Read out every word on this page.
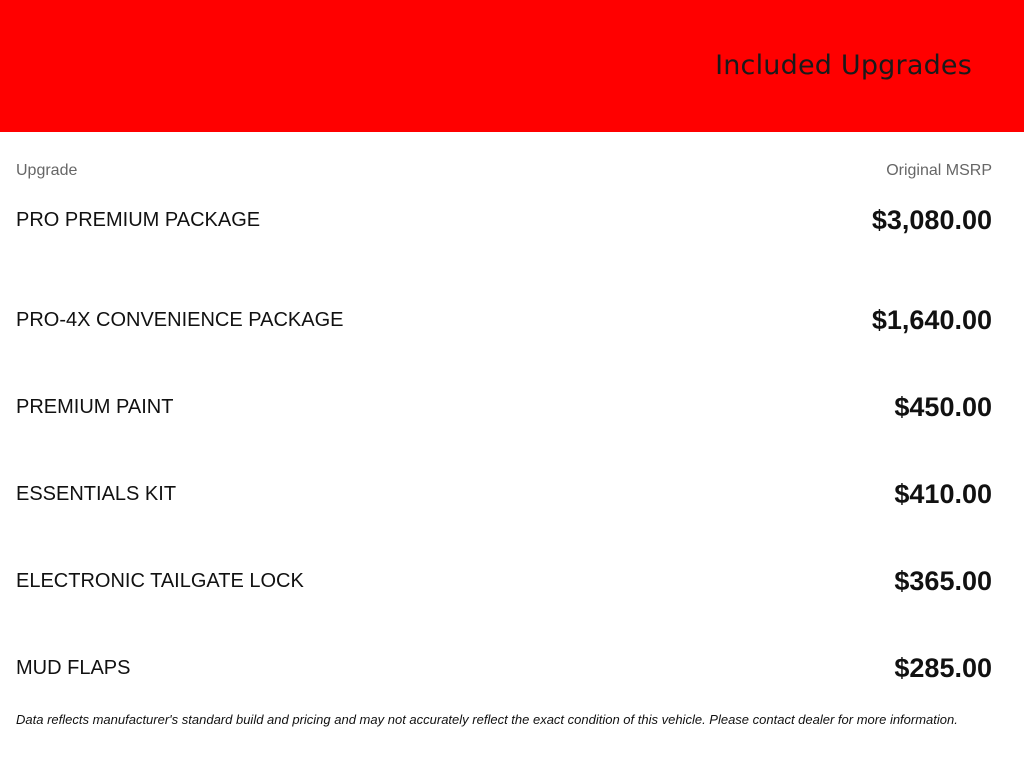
Included Upgrades
Upgrade	Original MSRP
PRO PREMIUM PACKAGE	$3,080.00
PRO-4X CONVENIENCE PACKAGE	$1,640.00
PREMIUM PAINT	$450.00
ESSENTIALS KIT	$410.00
ELECTRONIC TAILGATE LOCK	$365.00
MUD FLAPS	$285.00
Data reflects manufacturer's standard build and pricing and may not accurately reflect the exact condition of this vehicle. Please contact dealer for more information.
